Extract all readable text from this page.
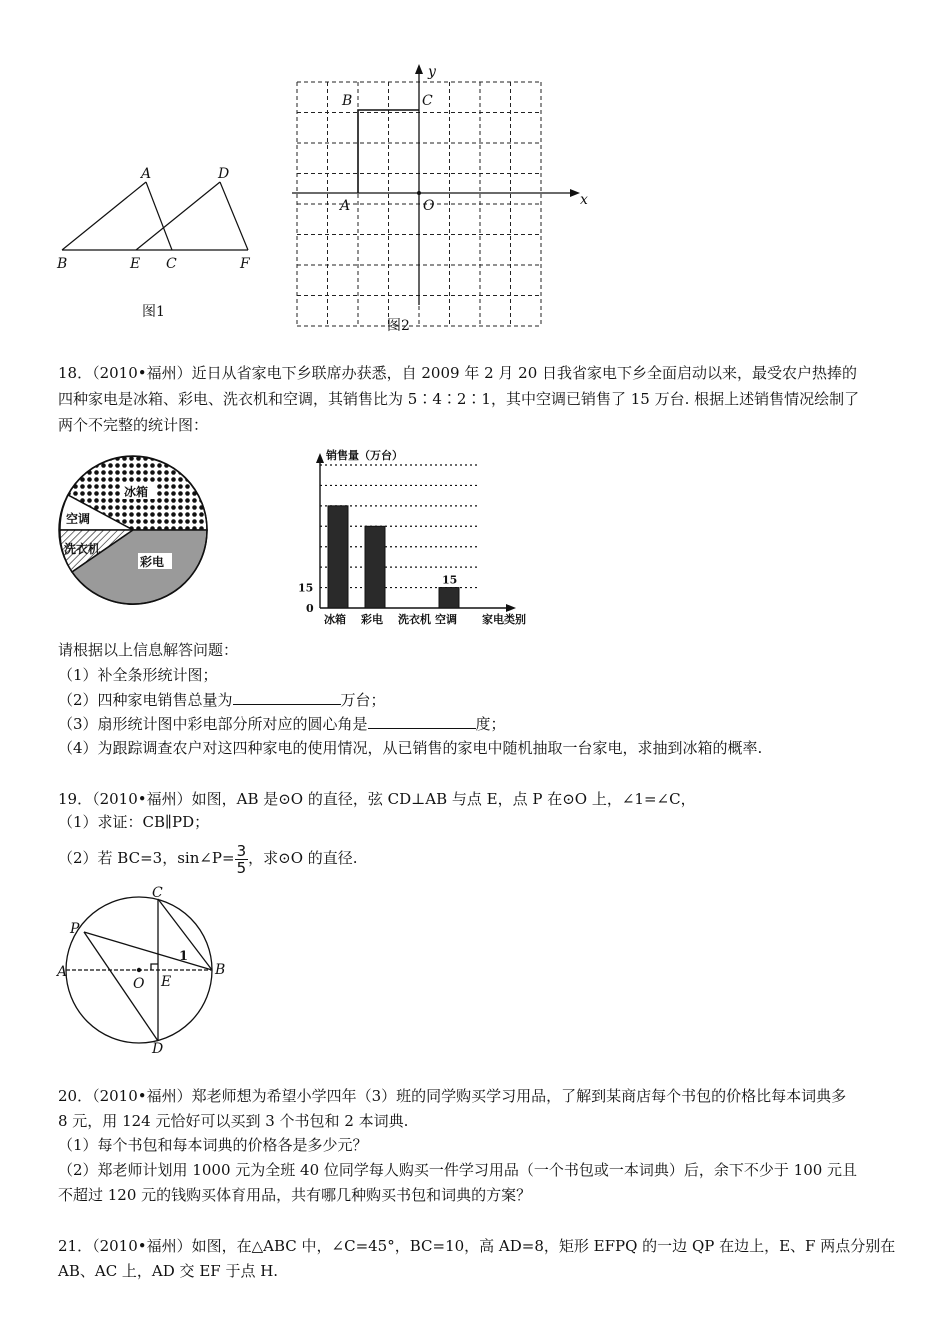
A	D
B	E C	F
图1
y
x
B	C
A	O
图2
18．（2010•福州）近日从省家电下乡联席办获悉，自 2009 年 2 月 20 日我省家电下乡全面启动以来，最受农户热捧的
四种家电是冰箱、彩电、洗衣机和空调，其销售比为 5∶4∶2∶1，其中空调已销售了 15 万台. 根据上述销售情况绘制了
两个不完整的统计图：
冰箱
空调
洗衣机
彩电
0
15
冰箱 彩电 洗衣机 空调
15
销售量（万台）
家电类别
请根据以上信息解答问题：
（1）补全条形统计图；
（2）四种家电销售总量为	万台；
（3）扇形统计图中彩电部分所对应的圆心角是	度；
（4）为跟踪调查农户对这四种家电的使用情况，从已销售的家电中随机抽取一台家电，求抽到冰箱的概率.
19．（2010•福州）如图，AB 是⊙O 的直径，弦 CD⊥AB 与点 E，点 P 在⊙O 上，∠1=∠C，
（1）求证：CB∥PD；
（2）若 BC=3，sin∠P= $\frac{3}{5}$ ，求⊙O 的直径.
C
P
A	B
O E
D
1
20．（2010•福州）郑老师想为希望小学四年（3）班的同学购买学习用品，了解到某商店每个书包的价格比每本词典多
8 元，用 124 元恰好可以买到 3 个书包和 2 本词典.
（1）每个书包和每本词典的价格各是多少元？
（2）郑老师计划用 1000 元为全班 40 位同学每人购买一件学习用品（一个书包或一本词典）后，余下不少于 100 元且
不超过 120 元的钱购买体育用品，共有哪几种购买书包和词典的方案？
21．（2010•福州）如图，在△ABC 中，∠C=45°，BC=10，高 AD=8，矩形 EFPQ 的一边 QP 在边上，E、F 两点分别在
AB、AC 上，AD 交 EF 于点 H.
